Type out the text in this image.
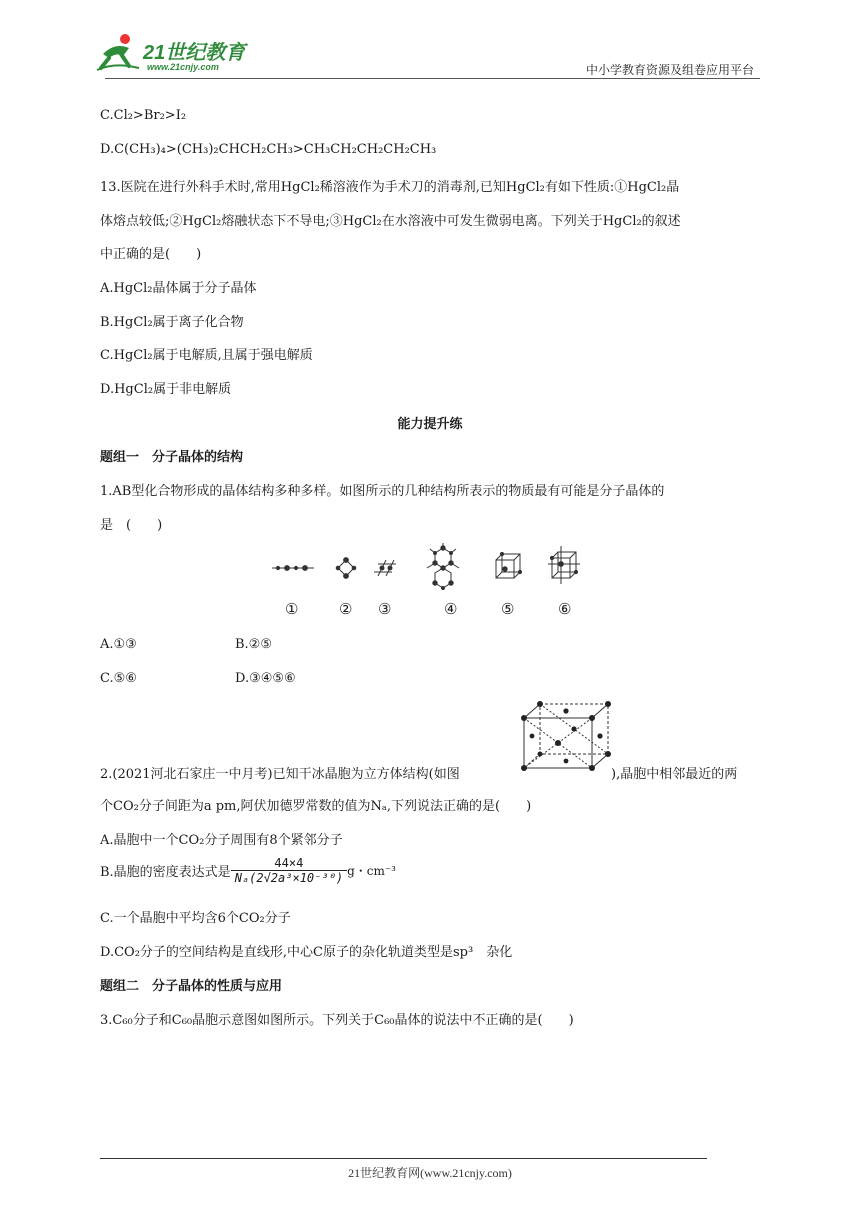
21世纪教育
www.21cnjy.com	中小学教育资源及组卷应用平台
C.Cl₂>Br₂>I₂
D.C(CH₃)₄>(CH₃)₂CHCH₂CH₃>CH₃CH₂CH₂CH₂CH₃
13.医院在进行外科手术时,常用HgCl₂稀溶液作为手术刀的消毒剂,已知HgCl₂有如下性质:①HgCl₂晶
体熔点较低;②HgCl₂熔融状态下不导电;③HgCl₂在水溶液中可发生微弱电离。下列关于HgCl₂的叙述
中正确的是(　　)
A.HgCl₂晶体属于分子晶体
B.HgCl₂属于离子化合物
C.HgCl₂属于电解质,且属于强电解质
D.HgCl₂属于非电解质
能力提升练
题组一　分子晶体的结构
1.AB型化合物形成的晶体结构多种多样。如图所示的几种结构所表示的物质最有可能是分子晶体的
是　(　　)
①	② ③	④	⑤	⑥
A.①③	B.②⑤
C.⑤⑥	D.③④⑤⑥
2.(2021河北石家庄一中月考)已知干冰晶胞为立方体结构(如图	),晶胞中相邻最近的两
个CO₂分子间距为a pm,阿伏加德罗常数的值为Nₐ,下列说法正确的是(　　)
A.晶胞中一个CO₂分子周围有8个紧邻分子
B.晶胞的密度表达式是 $\frac{44\times 4}{\text{Nₐ(2√2a³×10⁻³⁰)}}$ g・cm⁻³
C.一个晶胞中平均含6个CO₂分子
D.CO₂分子的空间结构是直线形,中心C原子的杂化轨道类型是sp³　杂化
题组二　分子晶体的性质与应用
3.C₆₀分子和C₆₀晶胞示意图如图所示。下列关于C₆₀晶体的说法中不正确的是(　　)
21世纪教育网(www.21cnjy.com)
